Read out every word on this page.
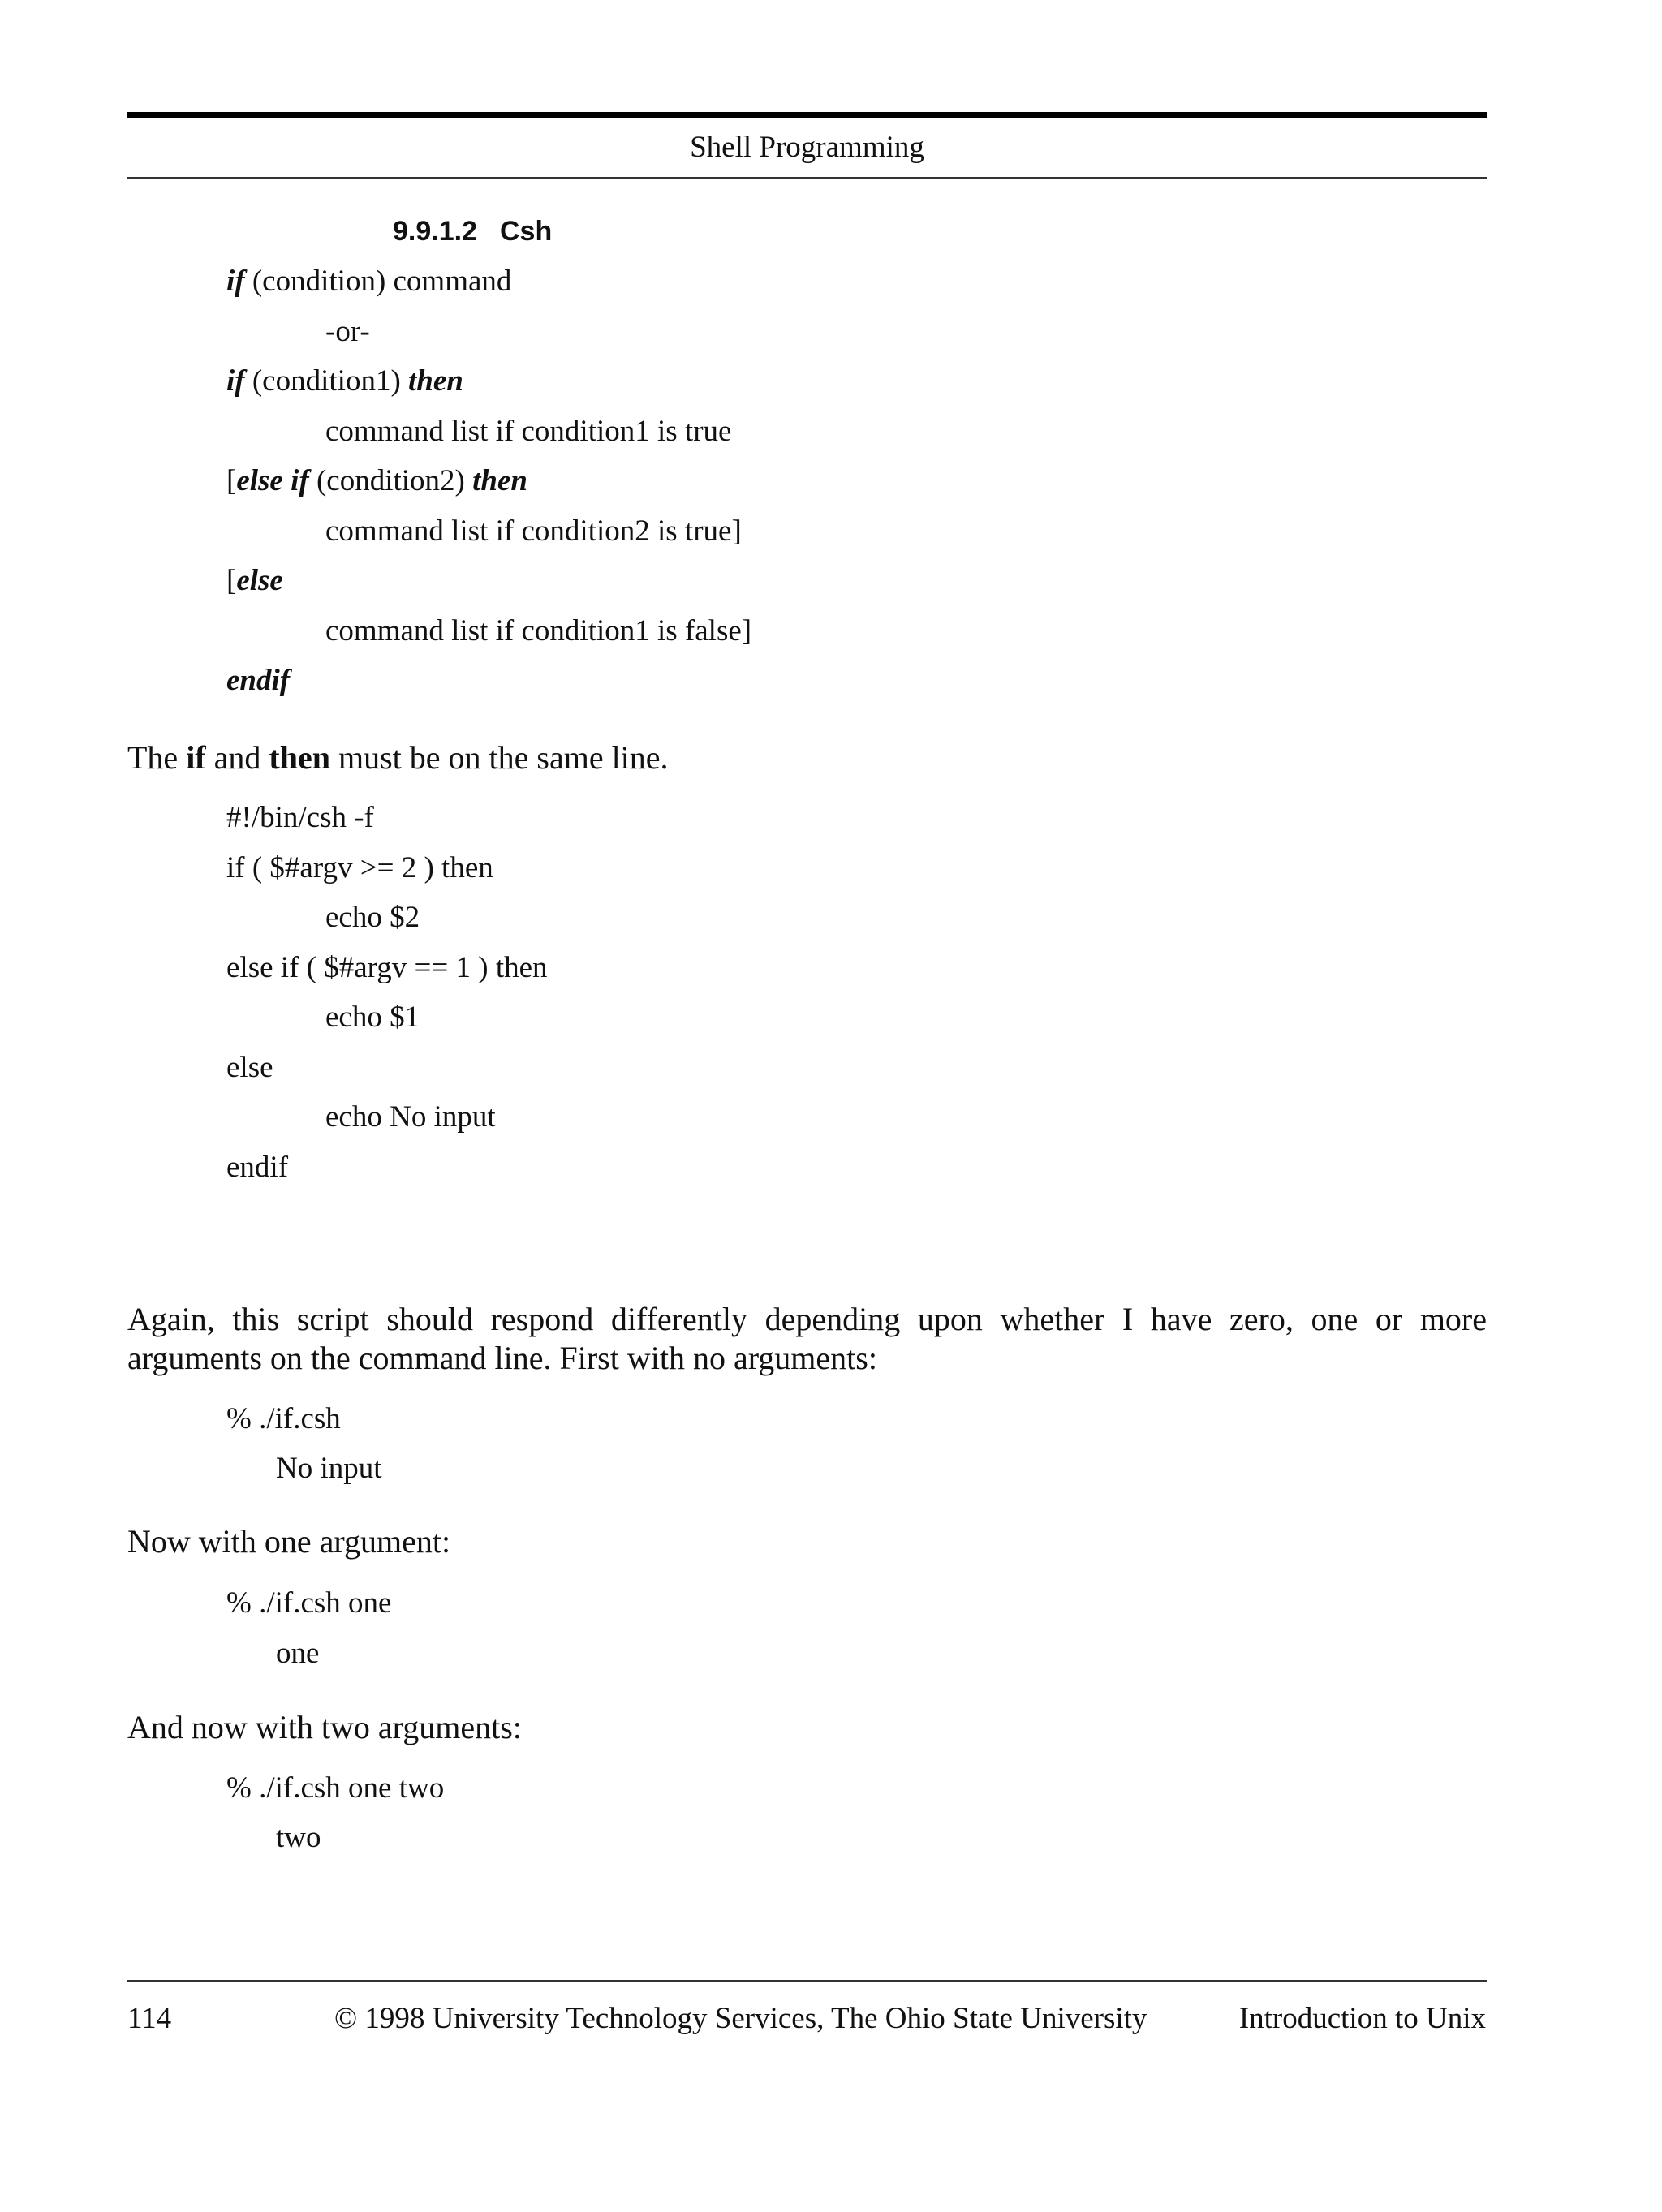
Shell Programming
9.9.1.2 Csh
if (condition) command
-or-
if (condition1) then
command list if condition1 is true
[else if (condition2) then
command list if condition2 is true]
[else
command list if condition1 is false]
endif
The if and then must be on the same line.
#!/bin/csh -f
if ( $#argv >= 2 ) then
echo $2
else if ( $#argv == 1 ) then
echo $1
else
echo No input
endif
Again, this script should respond differently depending upon whether I have zero, one or more arguments on the command line. First with no arguments:
% ./if.csh
No input
Now with one argument:
% ./if.csh one
one
And now with two arguments:
% ./if.csh one two
two
114	© 1998 University Technology Services, The Ohio State University	Introduction to Unix
